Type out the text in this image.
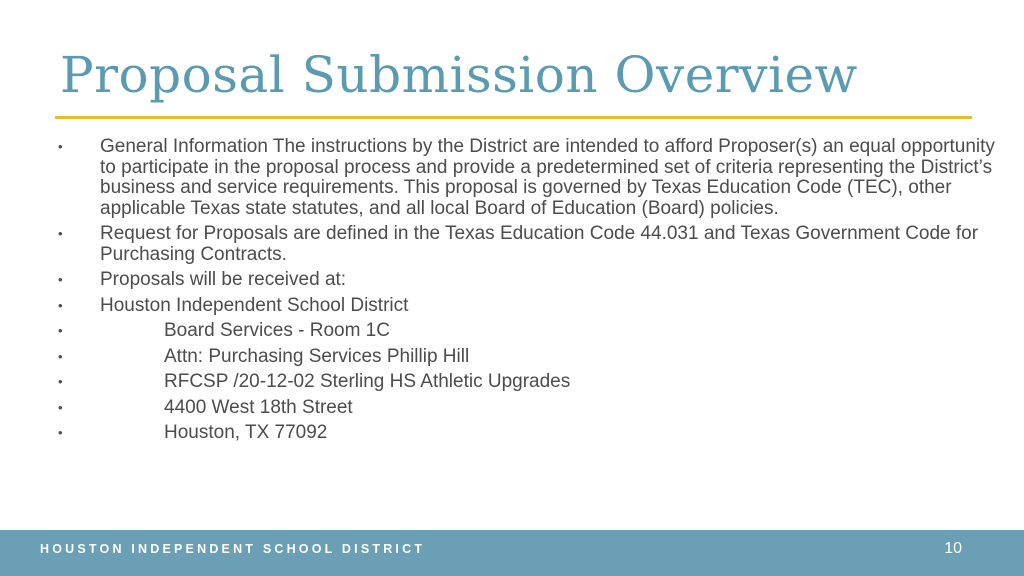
Proposal Submission Overview
•	General Information The instructions by the District are intended to afford Proposer(s) an equal opportunity to participate in the proposal process and provide a predetermined set of criteria representing the District’s business and service requirements. This proposal is governed by Texas Education Code (TEC), other applicable Texas state statutes, and all local Board of Education (Board) policies.
•	Request for Proposals are defined in the Texas Education Code 44.031 and Texas Government Code for Purchasing Contracts.
•	Proposals will be received at:
•	Houston Independent School District
•	Board Services - Room 1C
•	Attn: Purchasing Services Phillip Hill
•	RFCSP /20-12-02 Sterling HS Athletic Upgrades
•	4400 West 18th Street
•	Houston, TX 77092
HOUSTON INDEPENDENT SCHOOL DISTRICT	10
